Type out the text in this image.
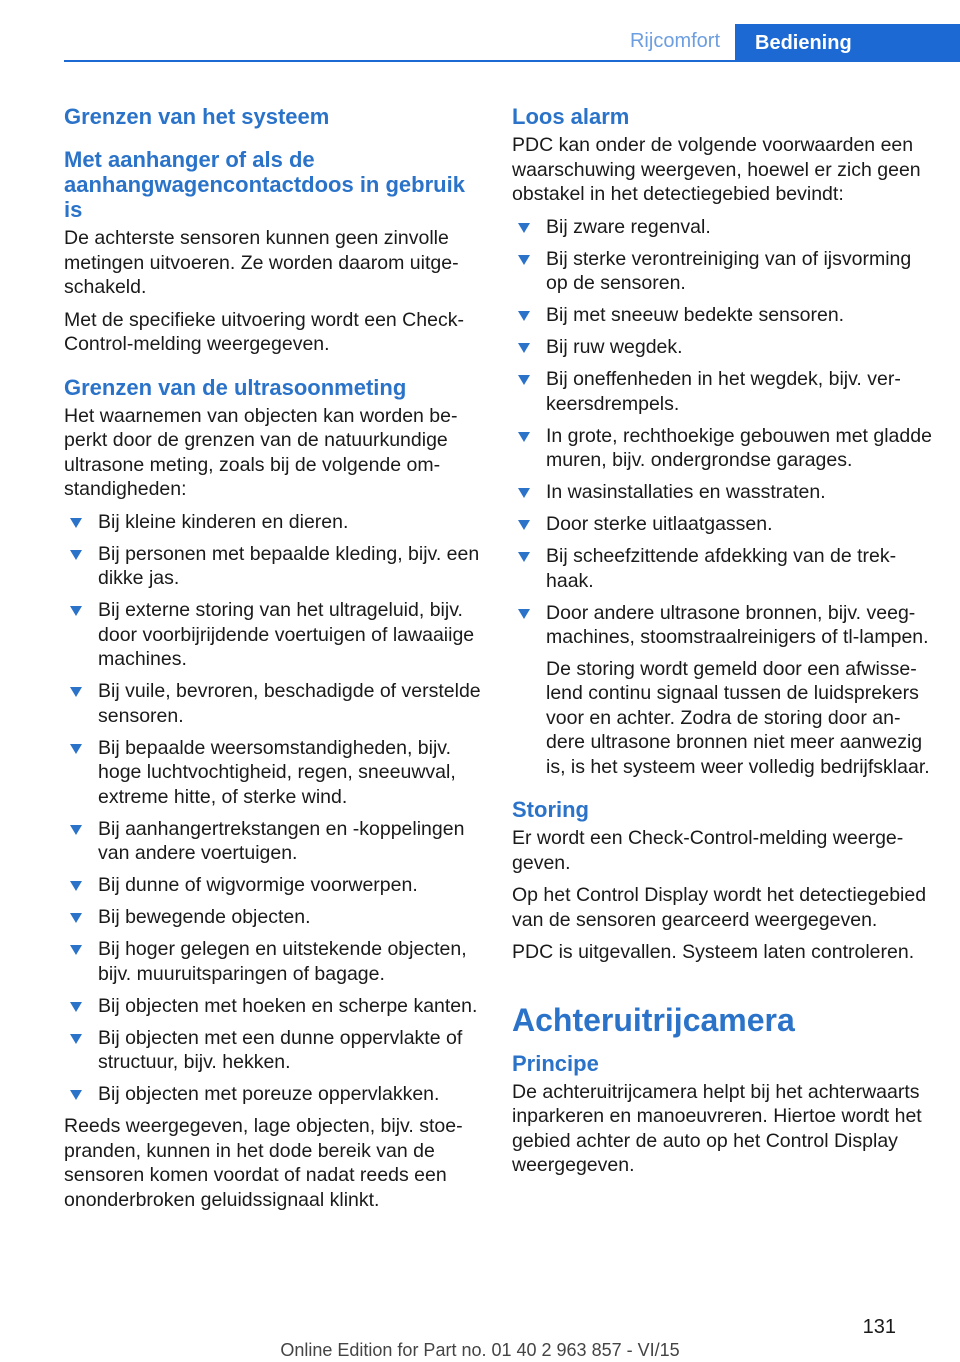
Rijcomfort	Bediening
Grenzen van het systeem
Met aanhanger of als de aanhangwagencontactdoos in gebruik is

De achterste sensoren kunnen geen zinvolle metingen uitvoeren. Ze worden daarom uitgeschakeld.

Met de specifieke uitvoering wordt een Check-Control-melding weergegeven.

Grenzen van de ultrasoonmeting

Het waarnemen van objecten kan worden beperkt door de grenzen van de natuurkundige ultrasone meting, zoals bij de volgende omstandigheden:

Bij kleine kinderen en dieren.
Bij personen met bepaalde kleding, bijv. een dikke jas.
Bij externe storing van het ultrageluid, bijv. door voorbijrijdende voertuigen of lawaaiige machines.
Bij vuile, bevroren, beschadigde of verstelde sensoren.
Bij bepaalde weersomstandigheden, bijv. hoge luchtvochtigheid, regen, sneeuwval, extreme hitte, of sterke wind.
Bij aanhangertrekstangen en -koppelingen van andere voertuigen.
Bij dunne of wigvormige voorwerpen.
Bij bewegende objecten.
Bij hoger gelegen en uitstekende objecten, bijv. muuruitsparingen of bagage.
Bij objecten met hoeken en scherpe kanten.
Bij objecten met een dunne oppervlakte of structuur, bijv. hekken.
Bij objecten met poreuze oppervlakken.

Reeds weergegeven, lage objecten, bijv. stoepranden, kunnen in het dode bereik van de sensoren komen voordat of nadat reeds een ononderbroken geluidssignaal klinkt.

Loos alarm

PDC kan onder de volgende voorwaarden een waarschuwing weergeven, hoewel er zich geen obstakel in het detectiegebied bevindt:

Bij zware regenval.
Bij sterke verontreiniging van of ijsvorming op de sensoren.
Bij met sneeuw bedekte sensoren.
Bij ruw wegdek.
Bij oneffenheden in het wegdek, bijv. verkeersdrempels.
In grote, rechthoekige gebouwen met gladde muren, bijv. ondergrondse garages.
In wasinstallaties en wasstraten.
Door sterke uitlaatgassen.
Bij scheefzittende afdekking van de trekhaak.
Door andere ultrasone bronnen, bijv. veegmachines, stoomstraalreinigers of tl-lampen.
De storing wordt gemeld door een afwisselend continu signaal tussen de luidsprekers voor en achter. Zodra de storing door andere ultrasone bronnen niet meer aanwezig is, is het systeem weer volledig bedrijfsklaar.
Storing

Er wordt een Check-Control-melding weergegeven.

Op het Control Display wordt het detectiegebied van de sensoren gearceerd weergegeven.

PDC is uitgevallen. Systeem laten controleren.

Achteruitrijcamera
Principe

De achteruitrijcamera helpt bij het achterwaarts inparkeren en manoeuvreren. Hiertoe wordt het gebied achter de auto op het Control Display weergegeven.

131
Online Edition for Part no. 01 40 2 963 857 - VI/15
